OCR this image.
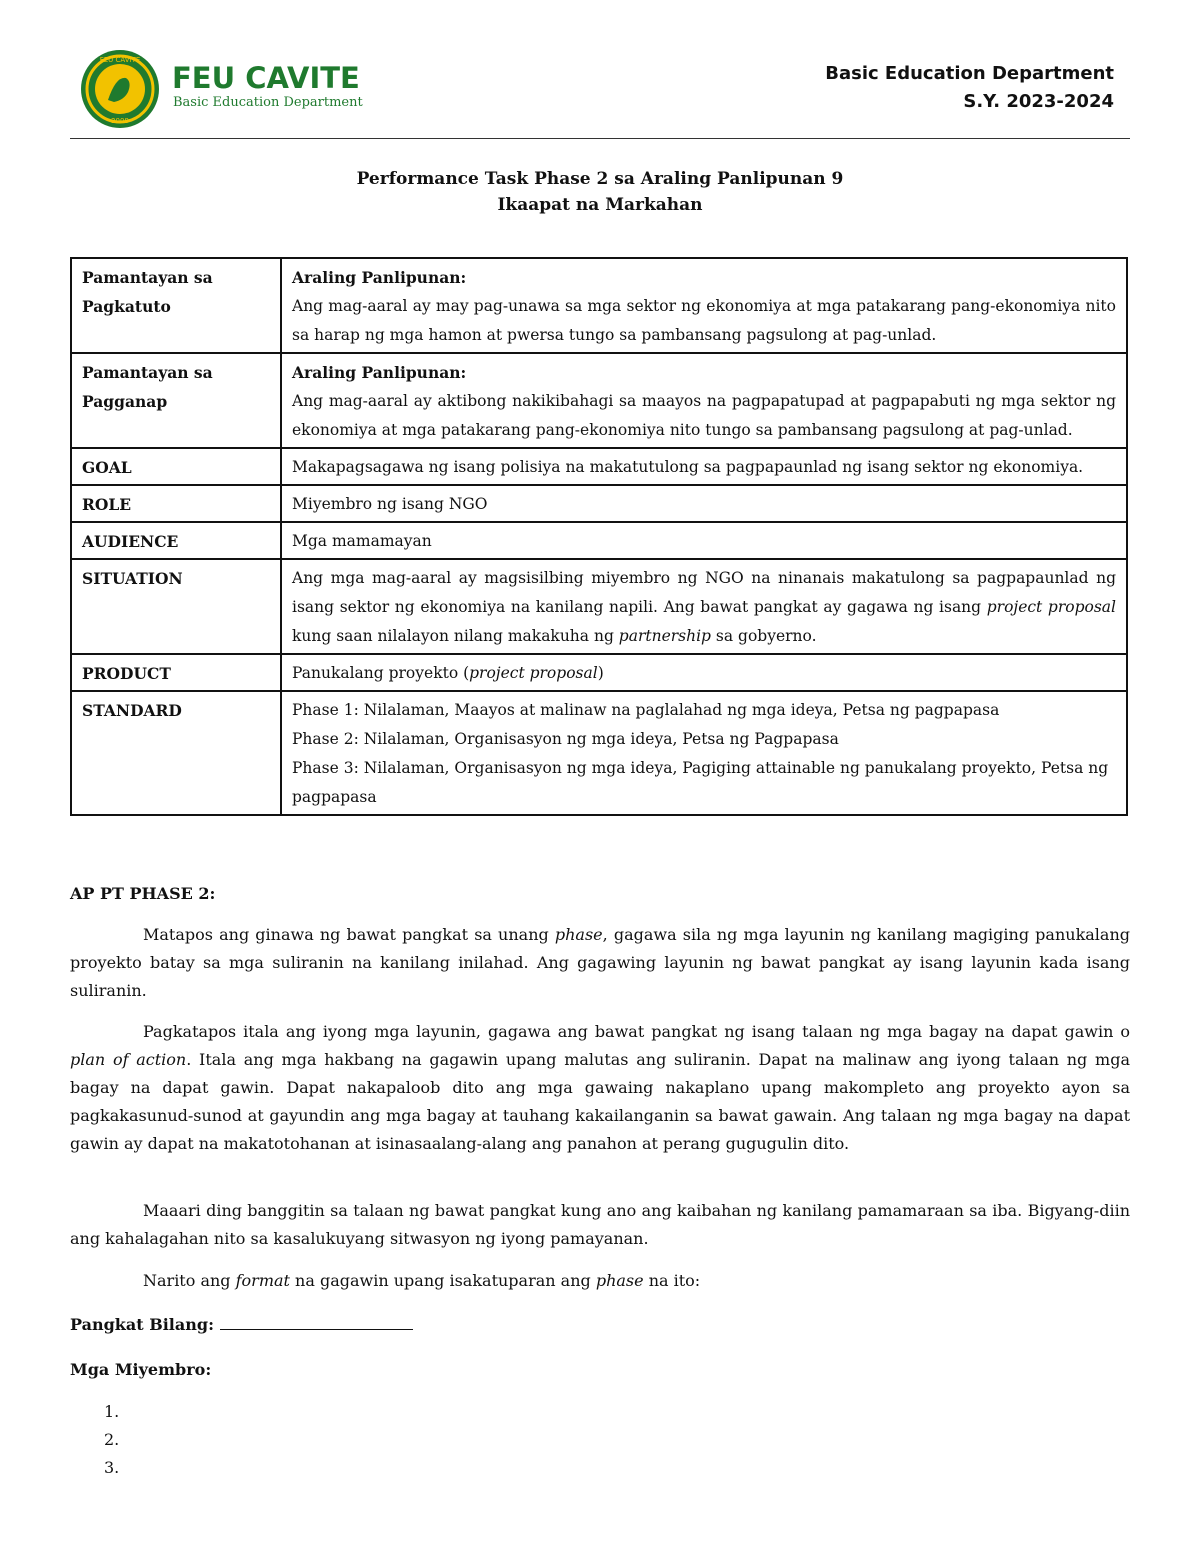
FEU CAVITE
2009
FEU CAVITE
Basic Education Department
Basic Education Department
S.Y. 2023-2024
Performance Task Phase 2 sa Araling Panlipunan 9
Ikaapat na Markahan
Pamantayan sa Pagkatuto	Araling Panlipunan:
Ang mag-aaral ay may pag-unawa sa mga sektor ng ekonomiya at mga patakarang pang-ekonomiya nito sa harap ng mga hamon at pwersa tungo sa pambansang pagsulong at pag-unlad.

Pamantayan sa Pagganap	Araling Panlipunan:
Ang mag-aaral ay aktibong nakikibahagi sa maayos na pagpapatupad at pagpapabuti ng mga sektor ng ekonomiya at mga patakarang pang-ekonomiya nito tungo sa pambansang pagsulong at pag-unlad.

GOAL	Makapagsagawa ng isang polisiya na makatutulong sa pagpapaunlad ng isang sektor ng ekonomiya.
ROLE	Miyembro ng isang NGO
AUDIENCE	Mga mamamayan
SITUATION	Ang mga mag-aaral ay magsisilbing miyembro ng NGO na ninanais makatulong sa pagpapaunlad ng isang sektor ng ekonomiya na kanilang napili. Ang bawat pangkat ay gagawa ng isang project proposal kung saan nilalayon nilang makakuha ng partnership sa gobyerno.
PRODUCT	Panukalang proyekto (project proposal)
STANDARD	Phase 1: Nilalaman, Maayos at malinaw na paglalahad ng mga ideya, Petsa ng pagpapasa
Phase 2: Nilalaman, Organisasyon ng mga ideya, Petsa ng Pagpapasa
Phase 3: Nilalaman, Organisasyon ng mga ideya, Pagiging attainable ng panukalang proyekto, Petsa ng pagpapasa
AP PT PHASE 2:

Matapos ang ginawa ng bawat pangkat sa unang phase, gagawa sila ng mga layunin ng kanilang magiging panukalang proyekto batay sa mga suliranin na kanilang inilahad. Ang gagawing layunin ng bawat pangkat ay isang layunin kada isang suliranin.

Pagkatapos itala ang iyong mga layunin, gagawa ang bawat pangkat ng isang talaan ng mga bagay na dapat gawin o plan of action. Itala ang mga hakbang na gagawin upang malutas ang suliranin. Dapat na malinaw ang iyong talaan ng mga bagay na dapat gawin. Dapat nakapaloob dito ang mga gawaing nakaplano upang makompleto ang proyekto ayon sa pagkakasunud-sunod at gayundin ang mga bagay at tauhang kakailanganin sa bawat gawain. Ang talaan ng mga bagay na dapat gawin ay dapat na makatotohanan at isinasaalang-alang ang panahon at perang gugugulin dito.

Maaari ding banggitin sa talaan ng bawat pangkat kung ano ang kaibahan ng kanilang pamamaraan sa iba. Bigyang-diin ang kahalagahan nito sa kasalukuyang sitwasyon ng iyong pamayanan.

Narito ang format na gagawin upang isakatuparan ang phase na ito:

Pangkat Bilang:
Mga Miyembro:
1.
2.
3.
